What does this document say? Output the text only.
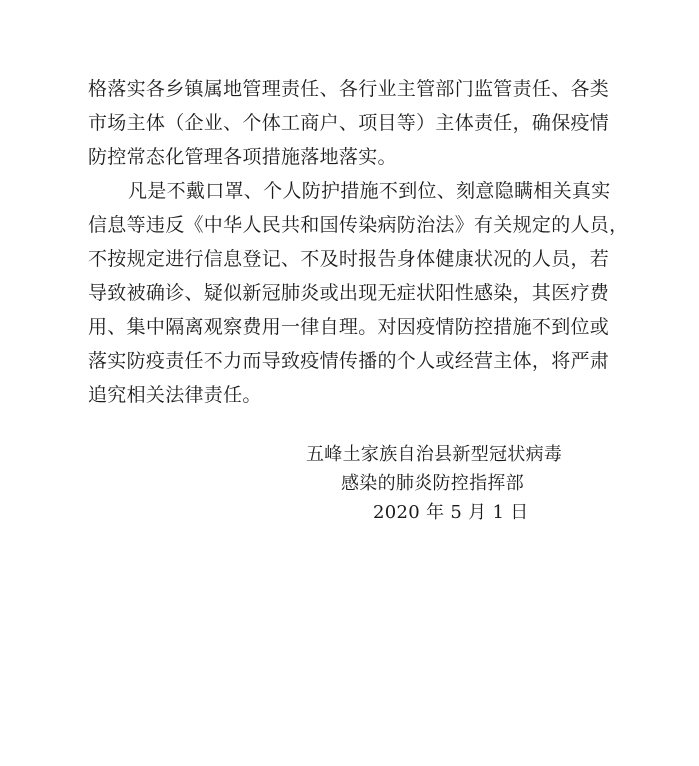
格落实各乡镇属地管理责任、各行业主管部门监管责任、各类
市场主体（企业、个体工商户、项目等）主体责任，确保疫情
防控常态化管理各项措施落地落实。
凡是不戴口罩、个人防护措施不到位、刻意隐瞒相关真实
信息等违反《中华人民共和国传染病防治法》有关规定的人员，
不按规定进行信息登记、不及时报告身体健康状况的人员，若
导致被确诊、疑似新冠肺炎或出现无症状阳性感染，其医疗费
用、集中隔离观察费用一律自理。对因疫情防控措施不到位或
落实防疫责任不力而导致疫情传播的个人或经营主体，将严肃
追究相关法律责任。
五峰土家族自治县新型冠状病毒
感染的肺炎防控指挥部
2020 年 5 月 1 日
